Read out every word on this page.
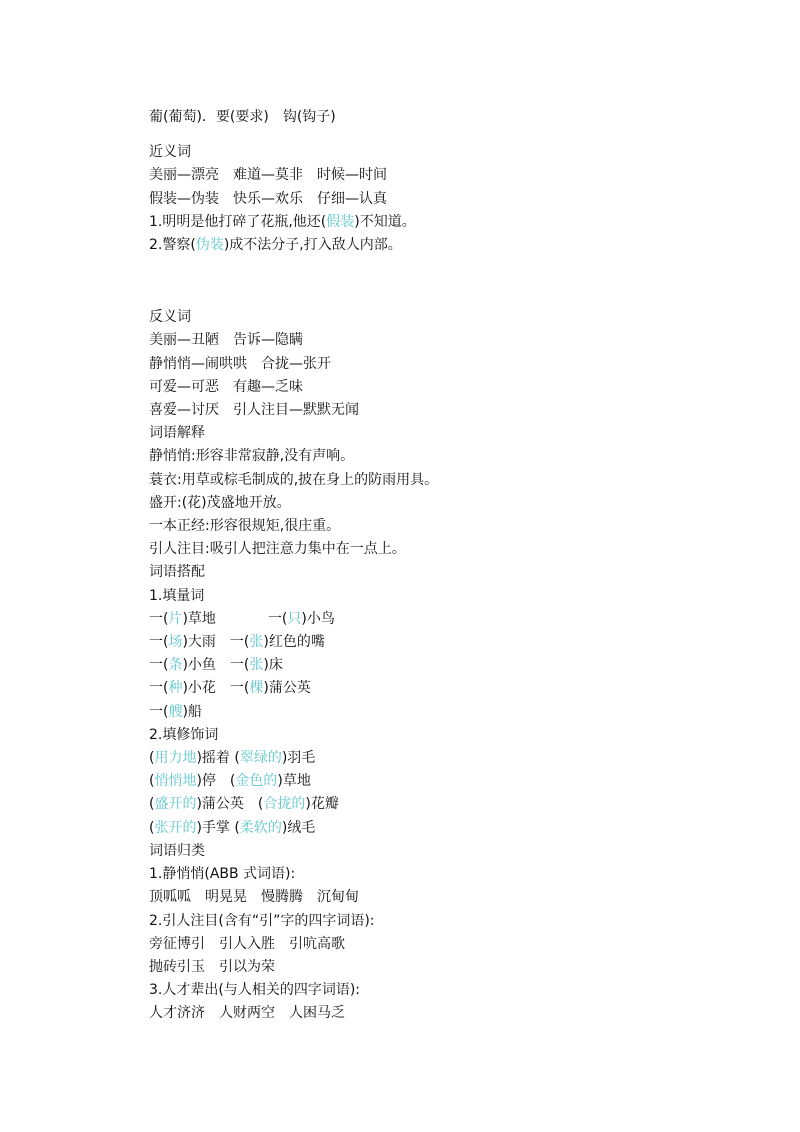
葡(葡萄)．要(要求)　钩(钩子)

近义词

美丽—漂亮　难道—莫非　时候—时间

假装—伪装　快乐—欢乐　仔细—认真

1.明明是他打碎了花瓶,他还(假装)不知道。

2.警察(伪装)成不法分子,打入敌人内部。

反义词

美丽—丑陋　告诉—隐瞒

静悄悄—闹哄哄　合拢—张开

可爱—可恶　有趣—乏味

喜爱—讨厌　引人注目—默默无闻

词语解释

静悄悄:形容非常寂静,没有声响。

蓑衣:用草或棕毛制成的,披在身上的防雨用具。

盛开:(花)茂盛地开放。

一本正经:形容很规矩,很庄重。

引人注目:吸引人把注意力集中在一点上。

词语搭配

1.填量词

一(片)草地	一(只)小鸟

一(场)大雨　一(张)红色的嘴

一(条)小鱼　一(张)床

一(种)小花　一(棵)蒲公英

一(艘)船

2.填修饰词

(用力地)摇着 (翠绿的)羽毛

(悄悄地)停　(金色的)草地

(盛开的)蒲公英　(合拢的)花瓣

(张开的)手掌 (柔软的)绒毛

词语归类

1.静悄悄(ABB 式词语):

顶呱呱　明晃晃　慢腾腾　沉甸甸

2.引人注目(含有“引”字的四字词语):

旁征博引　引人入胜　引吭高歌

抛砖引玉　引以为荣

3.人才辈出(与人相关的四字词语):

人才济济　人财两空　人困马乏
